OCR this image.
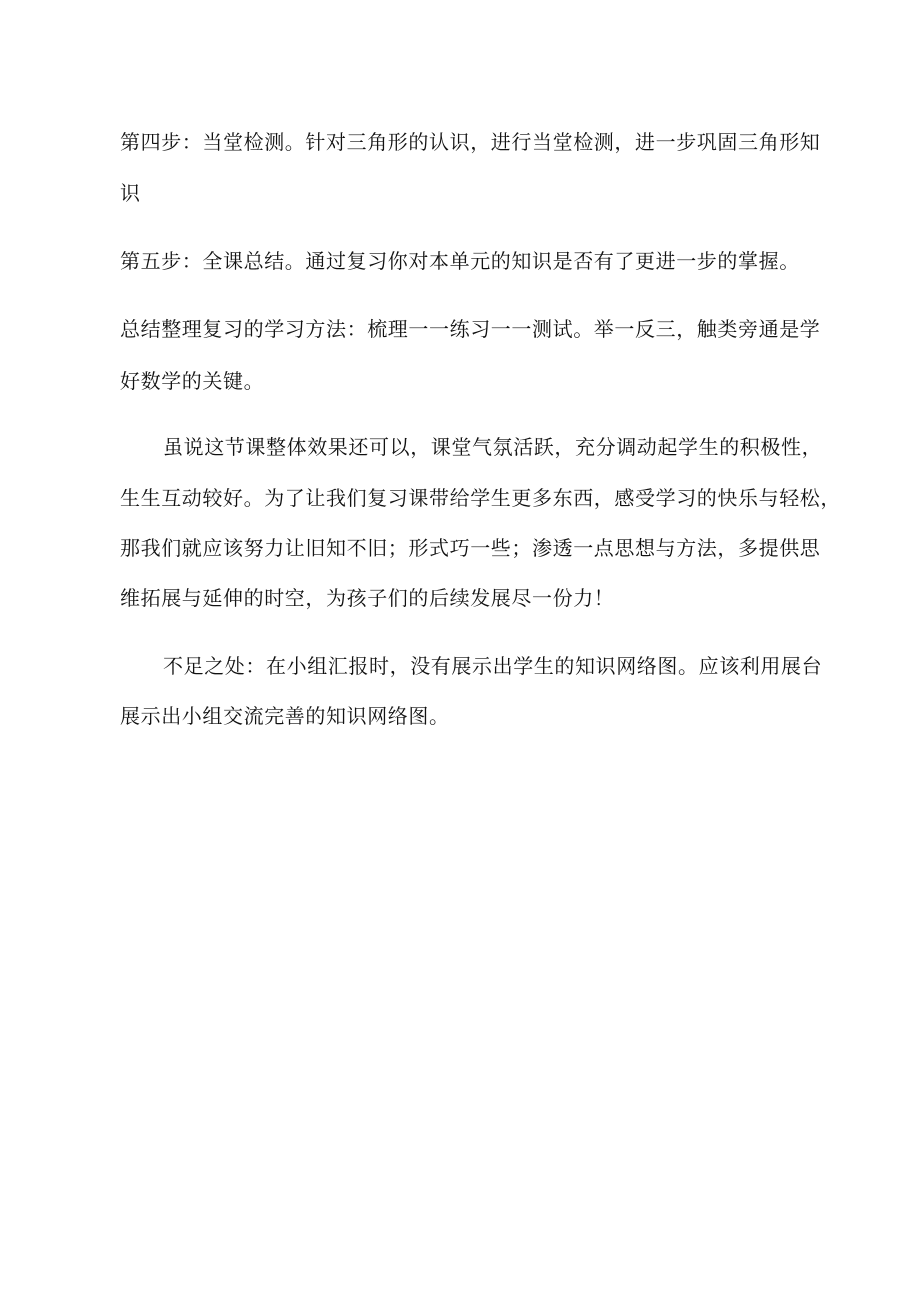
第四步：当堂检测。针对三角形的认识，进行当堂检测，进一步巩固三角形知
识
第五步：全课总结。通过复习你对本单元的知识是否有了更进一步的掌握。
总结整理复习的学习方法：梳理一一练习一一测试。举一反三，触类旁通是学
好数学的关键。
虽说这节课整体效果还可以，课堂气氛活跃，充分调动起学生的积极性，
生生互动较好。为了让我们复习课带给学生更多东西，感受学习的快乐与轻松，
那我们就应该努力让旧知不旧；形式巧一些；渗透一点思想与方法，多提供思
维拓展与延伸的时空，为孩子们的后续发展尽一份力！
不足之处：在小组汇报时，没有展示出学生的知识网络图。应该利用展台
展示出小组交流完善的知识网络图。
